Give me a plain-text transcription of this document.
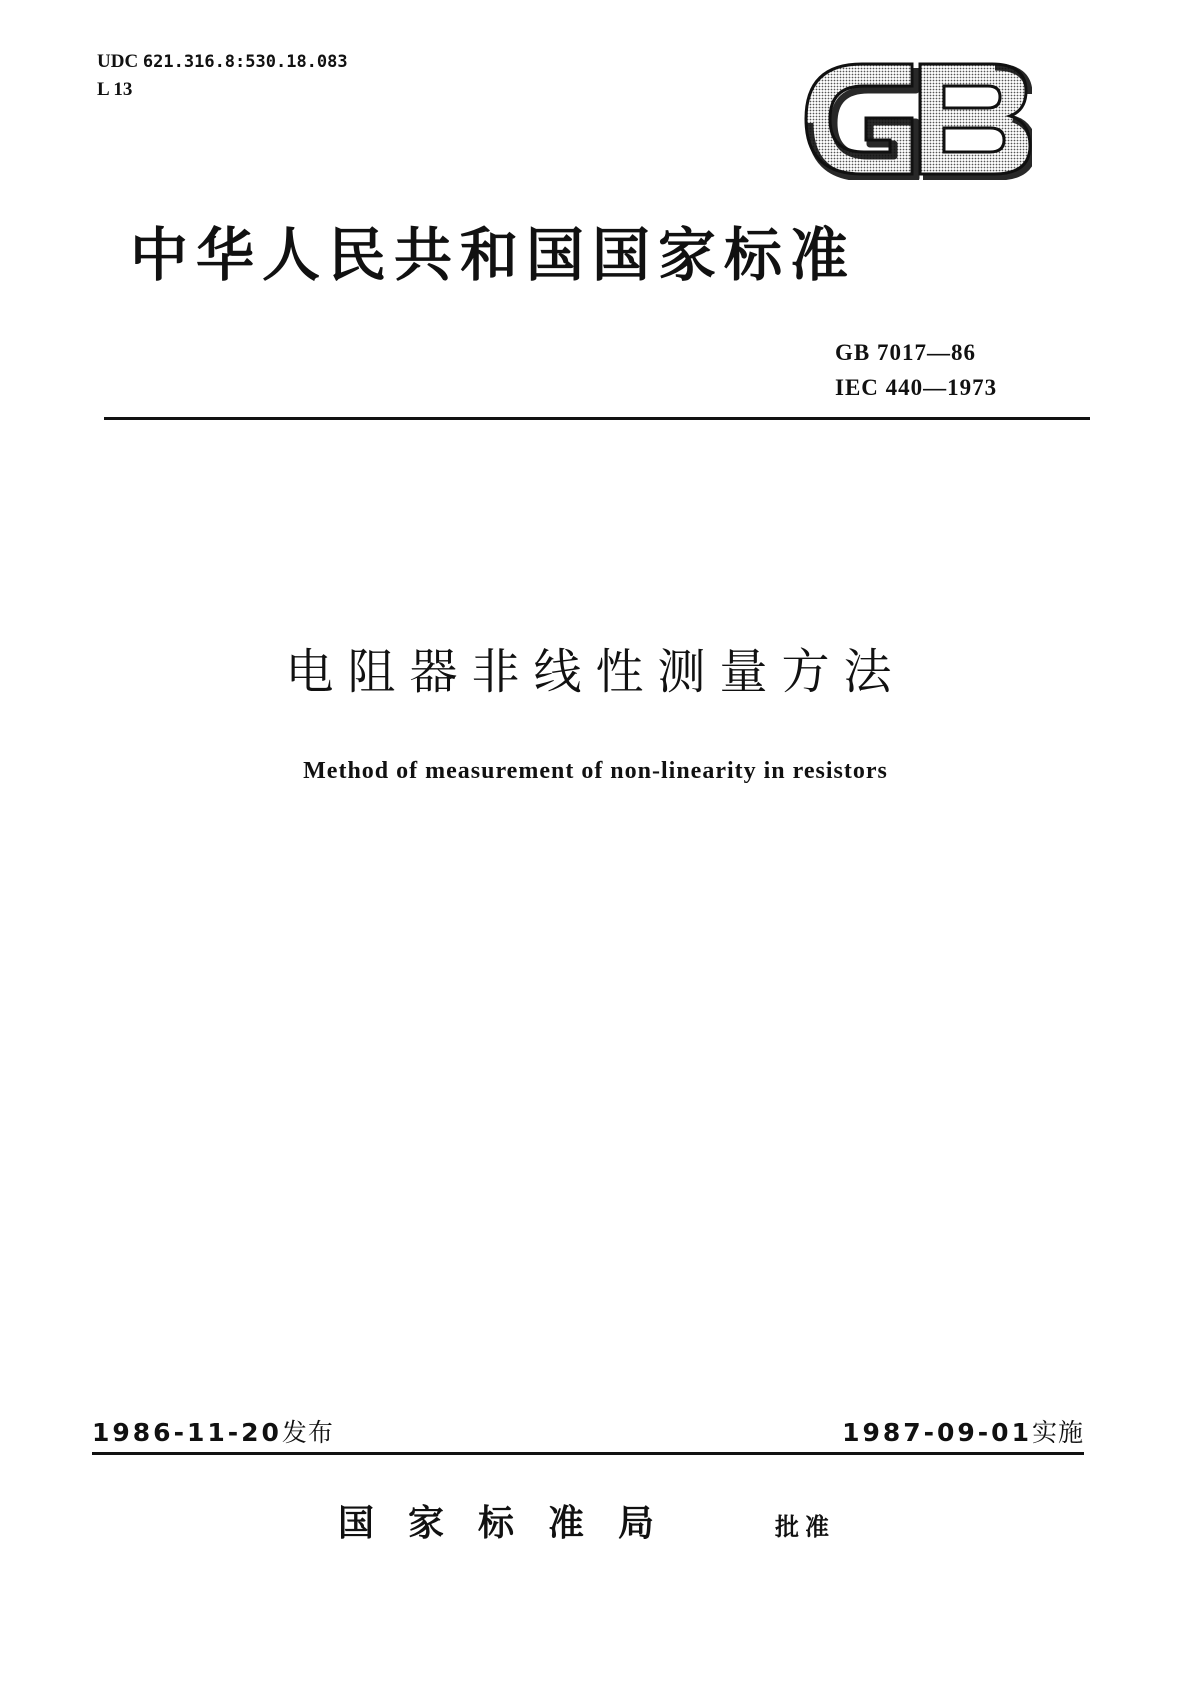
UDC 621.316.8:530.18.083
L 13
中华人民共和国国家标准
GB 7017—86
IEC 440—1973
电阻器非线性测量方法
Method of measurement of non-linearity in resistors
1986-11-20发布	1987-09-01实施
国家标准局	批准
